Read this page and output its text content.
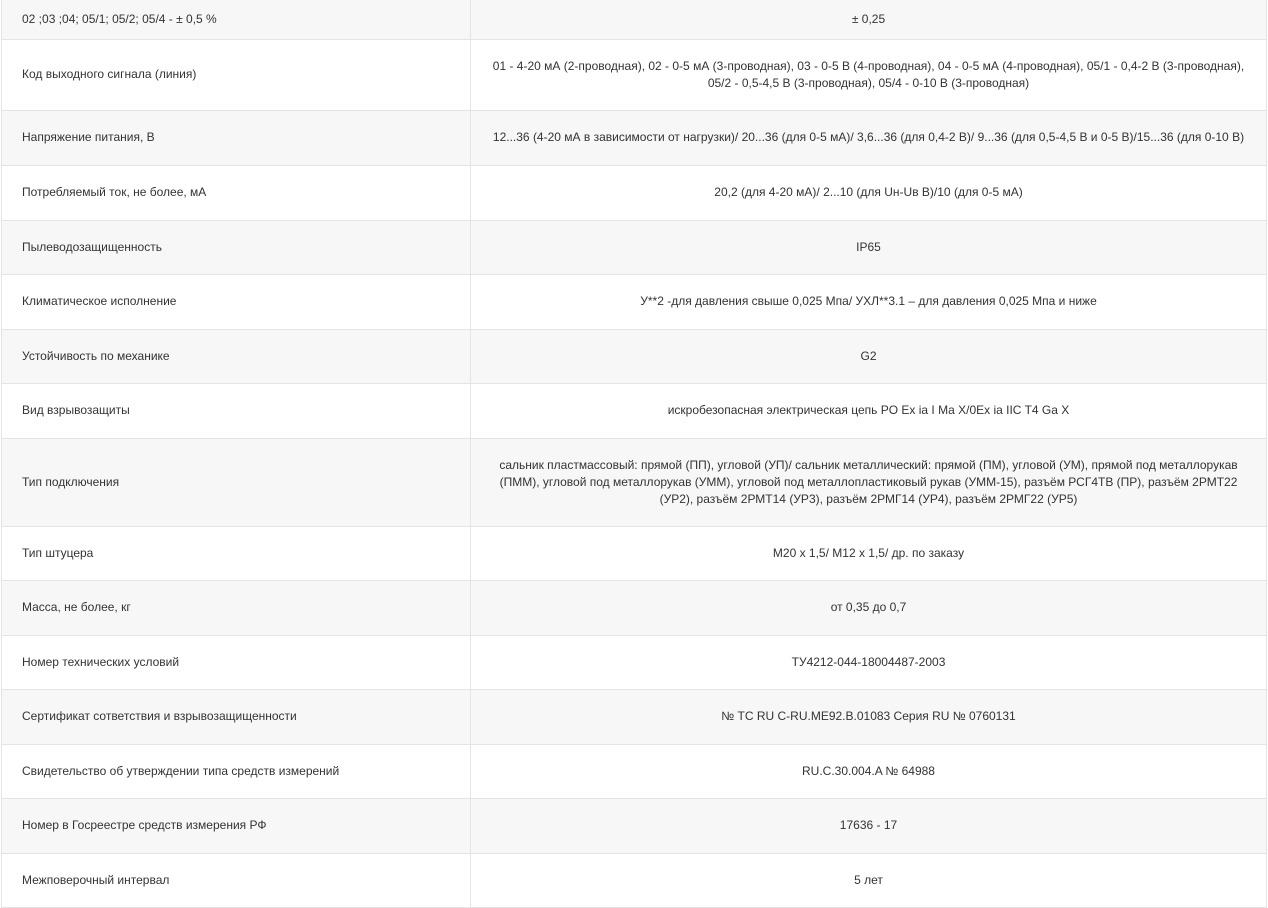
02 ;03 ;04; 05/1; 05/2; 05/4 - ± 0,5 %	± 0,25
Код выходного сигнала (линия)	01 - 4-20 мА (2-проводная), 02 - 0-5 мА (3-проводная), 03 - 0-5 В (4-проводная), 04 - 0-5 мА (4-проводная), 05/1 - 0,4-2 В (3-проводная), 05/2 - 0,5-4,5 В (3-проводная), 05/4 - 0-10 В (3-проводная)
Напряжение питания, В	12...36 (4-20 мА в зависимости от нагрузки)/ 20...36 (для 0-5 мА)/ 3,6...36 (для 0,4-2 В)/ 9...36 (для 0,5-4,5 В и 0-5 В)/15...36 (для 0-10 В)
Потребляемый ток, не более, мА	20,2 (для 4-20 мА)/ 2...10 (для Uн-Uв В)/10 (для 0-5 мА)
Пылеводозащищенность	IP65
Климатическое исполнение	У**2 -для давления свыше 0,025 Мпа/ УХЛ**3.1 – для давления 0,025 Мпа и ниже
Устойчивость по механике	G2
Вид взрывозащиты	искробезопасная электрическая цепь PO Ex ia I Ma X/0Ex ia IIC T4 Ga X
Тип подключения	сальник пластмассовый: прямой (ПП), угловой (УП)/ сальник металлический: прямой (ПМ), угловой (УМ), прямой под металлорукав (ПММ), угловой под металлорукав (УММ), угловой под металлопластиковый рукав (УММ-15), разъём РСГ4ТВ (ПР), разъём 2РМТ22 (УР2), разъём 2РМТ14 (УР3), разъём 2РМГ14 (УР4), разъём 2РМГ22 (УР5)
Тип штуцера	М20 х 1,5/ М12 х 1,5/ др. по заказу
Масса, не более, кг	от 0,35 до 0,7
Номер технических условий	ТУ4212-044-18004487-2003
Сертификат сответствия и взрывозащищенности	№ ТС RU C-RU.МЕ92.В.01083 Серия RU № 0760131
Свидетельство об утверждении типа средств измерений	RU.C.30.004.A № 64988
Номер в Госреестре средств измерения РФ	17636 - 17
Межповерочный интервал	5 лет
